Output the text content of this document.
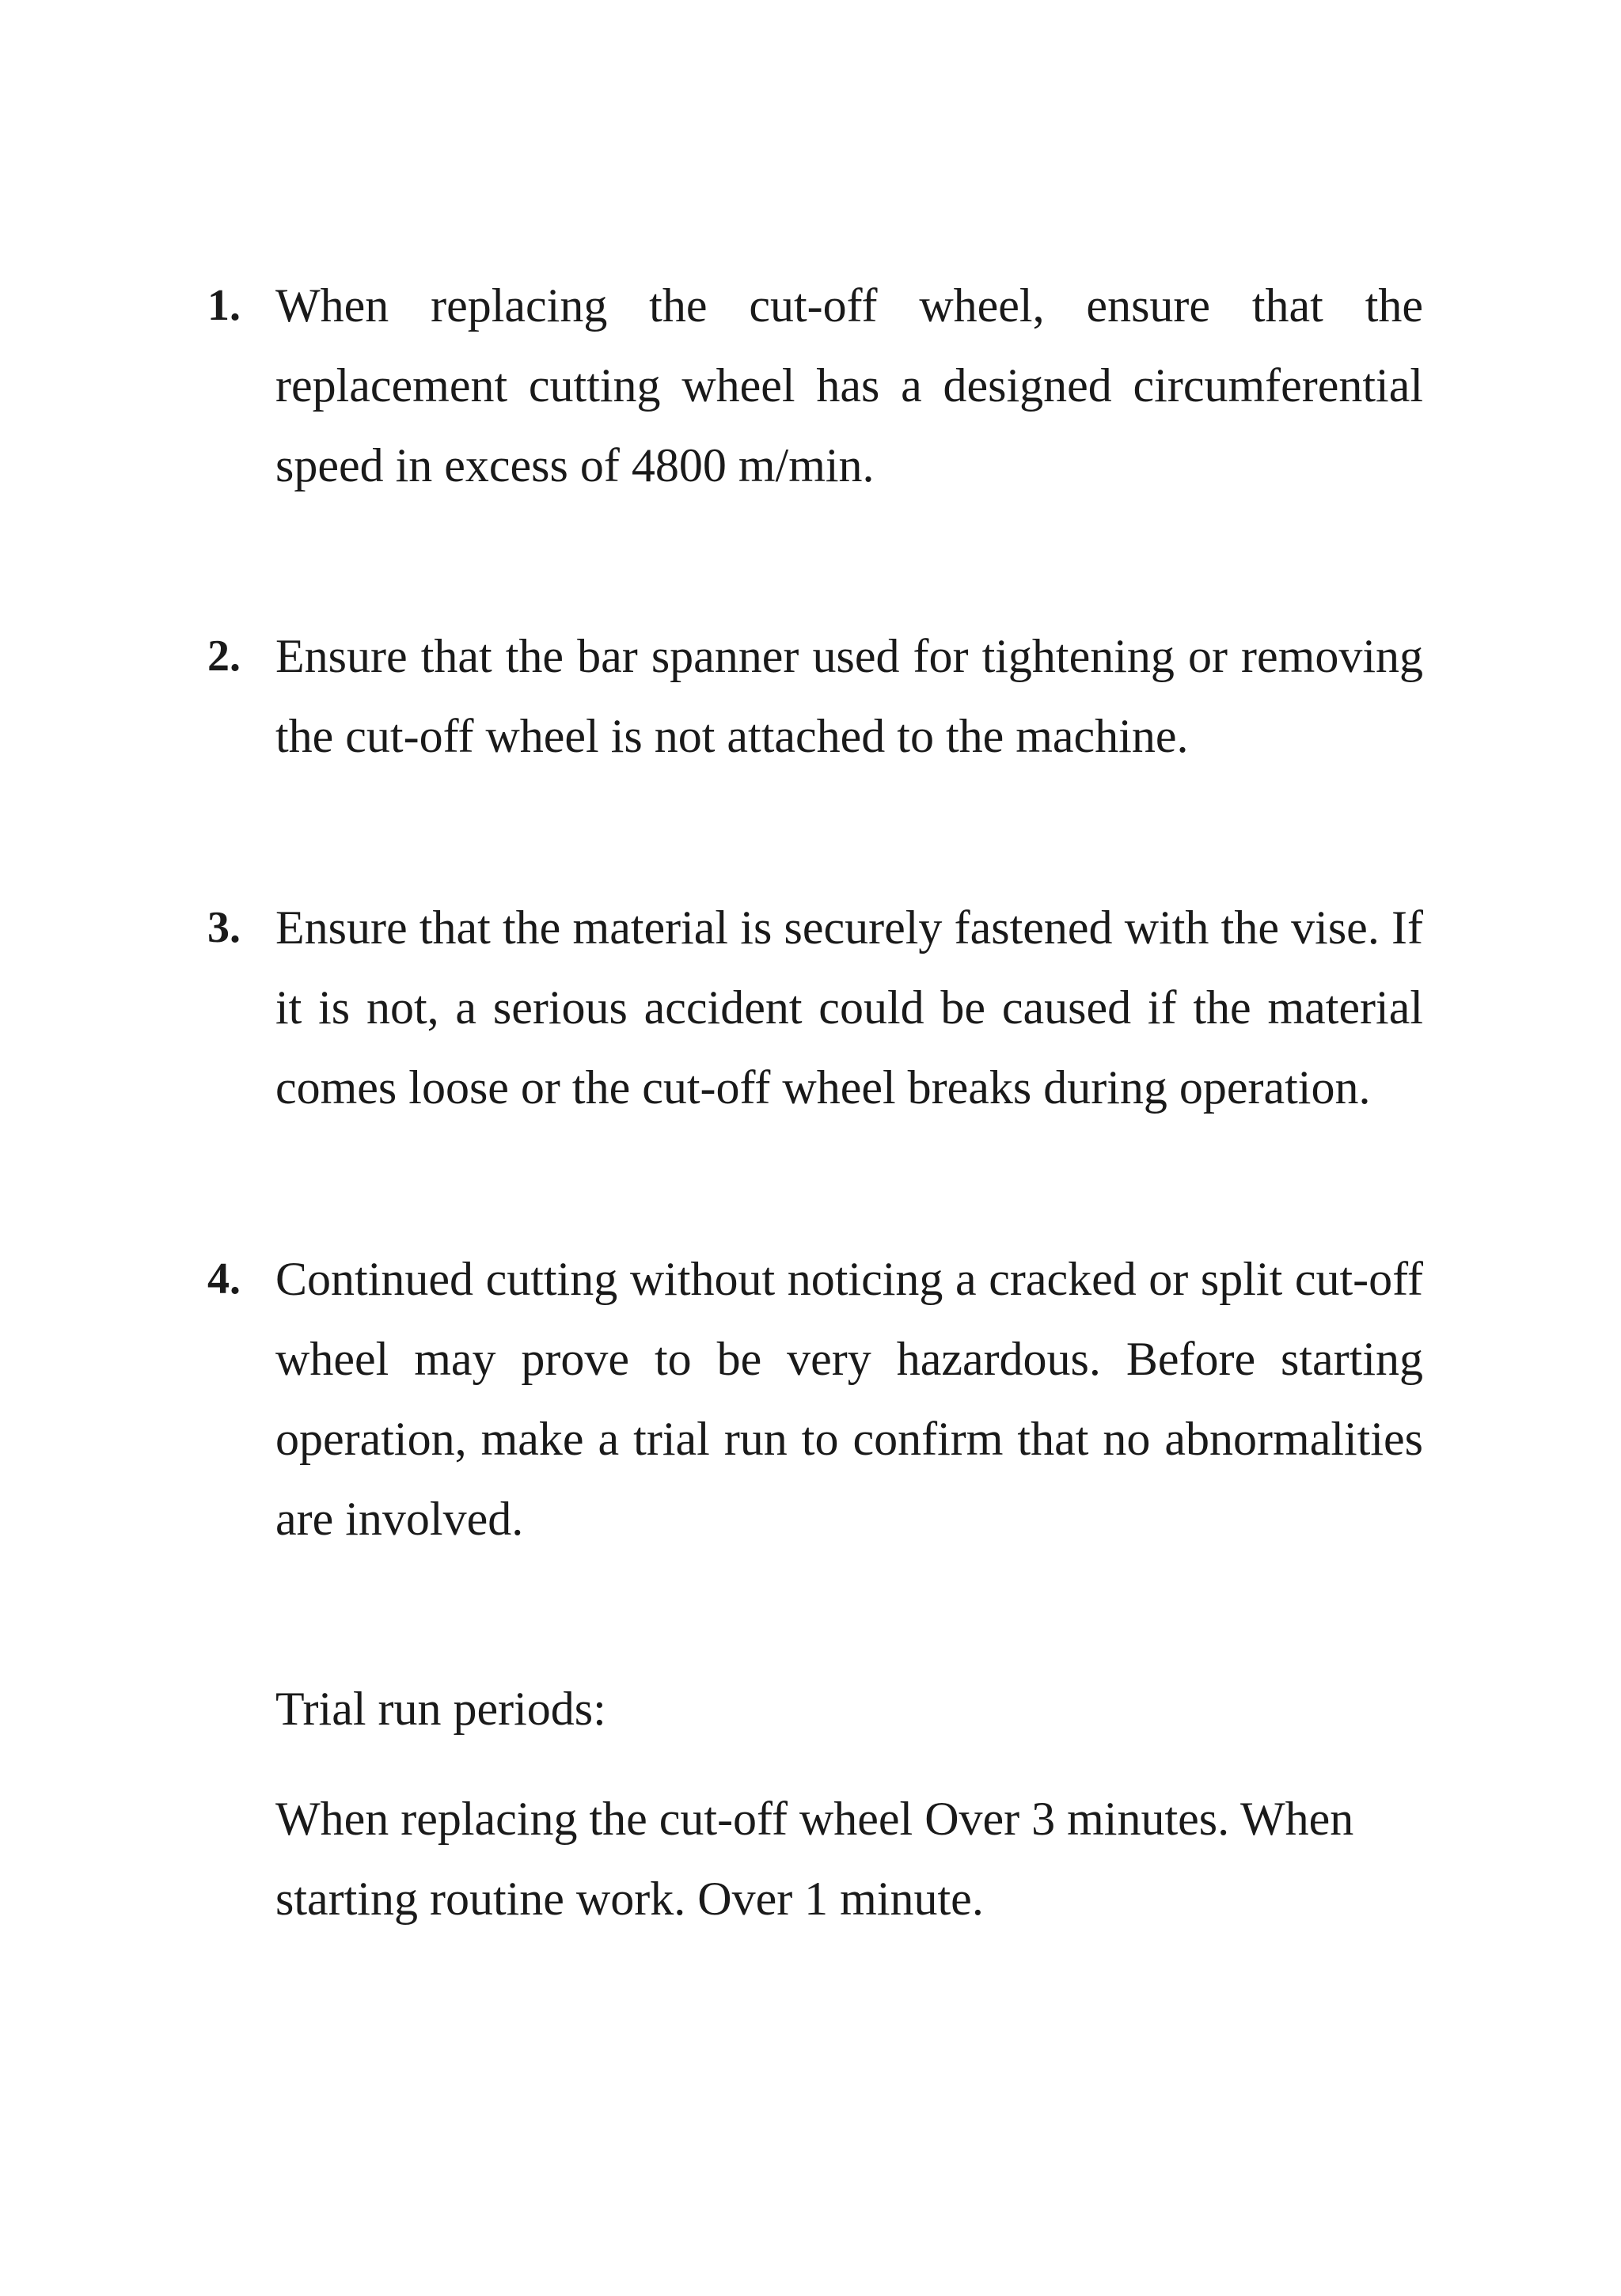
1. When replacing the cut-off wheel, ensure that the replacement cutting wheel has a designed circumferential speed in excess of 4800 m/min.
2. Ensure that the bar spanner used for tightening or removing the cut-off wheel is not attached to the machine.
3. Ensure that the material is securely fastened with the vise. If it is not, a serious accident could be caused if the material comes loose or the cut-off wheel breaks during operation.
4. Continued cutting without noticing a cracked or split cut-off wheel may prove to be very hazardous. Before starting operation, make a trial run to confirm that no abnormalities are involved.
Trial run periods:
When replacing the cut-off wheel Over 3 minutes. When starting routine work. Over 1 minute.
